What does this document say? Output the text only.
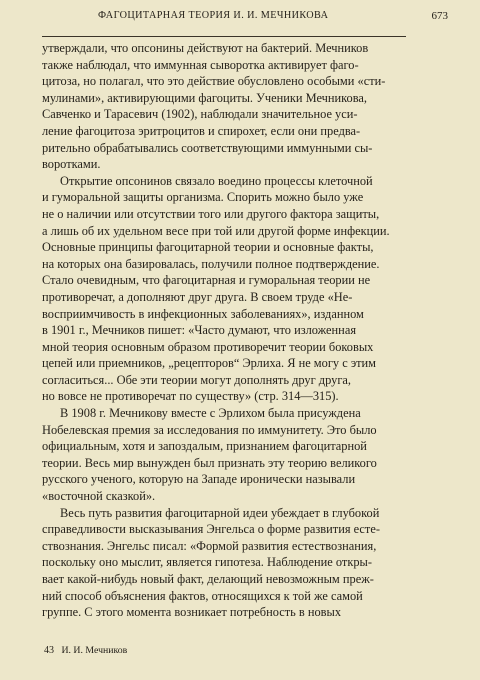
ФАГОЦИТАРНАЯ ТЕОРИЯ И. И. МЕЧНИКОВА	673

утверждали, что опсонины действуют на бактерий. Мечников
также наблюдал, что иммунная сыворотка активирует фаго-
цитоза, но полагал, что это действие обусловлено особыми «сти-
мулинами», активирующими фагоциты. Ученики Мечникова,
Савченко и Тарасевич (1902), наблюдали значительное уси-
ление фагоцитоза эритроцитов и спирохет, если они предва-
рительно обрабатывались соответствующими иммунными сы-
воротками.

Открытие опсонинов связало воедино процессы клеточной
и гуморальной защиты организма. Спорить можно было уже
не о наличии или отсутствии того или другого фактора защиты,
а лишь об их удельном весе при той или другой форме инфекции.
Основные принципы фагоцитарной теории и основные факты,
на которых она базировалась, получили полное подтверждение.
Стало очевидным, что фагоцитарная и гуморальная теории не
противоречат, а дополняют друг друга. В своем труде «Не-
восприимчивость в инфекционных заболеваниях», изданном
в 1901 г., Мечников пишет: «Часто думают, что изложенная
мной теория основным образом противоречит теории боковых
цепей или приемников, „рецепторов“ Эрлиха. Я не могу с этим
согласиться... Обе эти теории могут дополнять друг друга,
но вовсе не противоречат по существу» (стр. 314—315).

В 1908 г. Мечникову вместе с Эрлихом была присуждена
Нобелевская премия за исследования по иммунитету. Это было
официальным, хотя и запоздалым, признанием фагоцитарной
теории. Весь мир вынужден был признать эту теорию великого
русского ученого, которую на Западе иронически называли
«восточной сказкой».

Весь путь развития фагоцитарной идеи убеждает в глубокой
справедливости высказывания Энгельса о форме развития есте-
ствознания. Энгельс писал: «Формой развития естествознания,
поскольку оно мыслит, является гипотеза. Наблюдение откры-
вает какой-нибудь новый факт, делающий невозможным преж-
ний способ объяснения фактов, относящихся к той же самой
группе. С этого момента возникает потребность в новых

43 И. И. Мечников
